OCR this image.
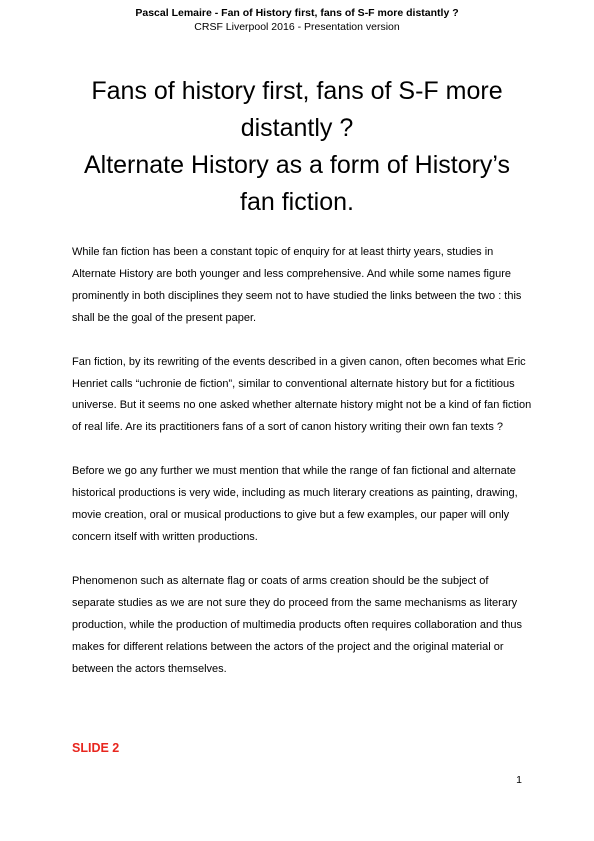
Pascal Lemaire - Fan of History first, fans of S-F more distantly ?
CRSF Liverpool 2016 - Presentation version
Fans of history first, fans of S-F more
distantly ?
Alternate History as a form of History’s
fan fiction.

While fan fiction has been a constant topic of enquiry for at least thirty years, studies in Alternate History are both younger and less comprehensive. And while some names figure prominently in both disciplines they seem not to have studied the links between the two : this shall be the goal of the present paper.

Fan fiction, by its rewriting of the events described in a given canon, often becomes what Eric Henriet calls “uchronie de fiction”, similar to conventional alternate history but for a fictitious universe. But it seems no one asked whether alternate history might not be a kind of fan fiction of real life. Are its practitioners fans of a sort of canon history writing their own fan texts ?

Before we go any further we must mention that while the range of fan fictional and alternate historical productions is very wide, including as much literary creations as painting, drawing, movie creation, oral or musical productions to give but a few examples, our paper will only concern itself with written productions.

Phenomenon such as alternate flag or coats of arms creation should be the subject of separate studies as we are not sure they do proceed from the same mechanisms as literary production, while the production of multimedia products often requires collaboration and thus makes for different relations between the actors of the project and the original material or between the actors themselves.

SLIDE 2
1
